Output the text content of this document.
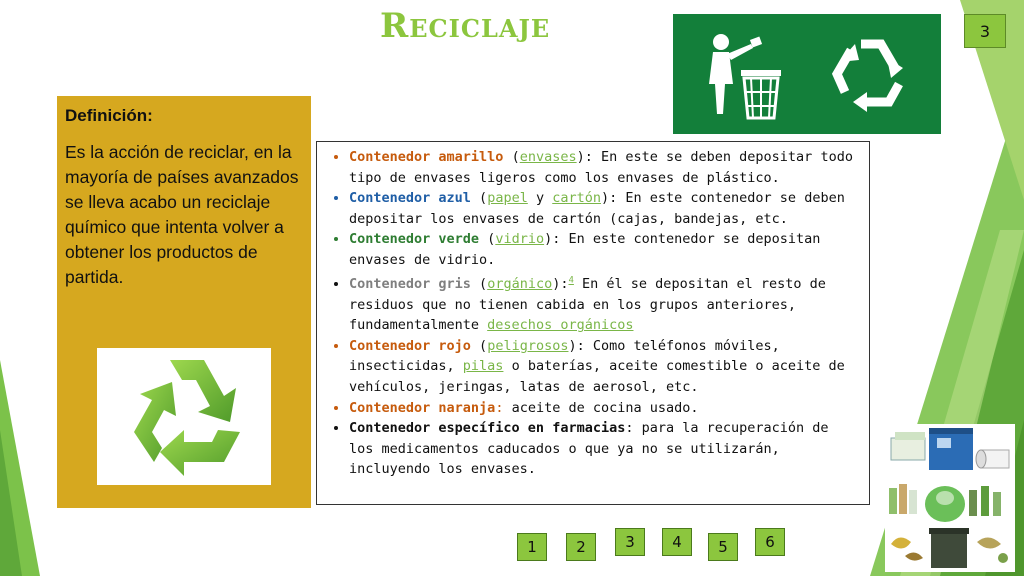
Reciclaje	3
Definición:
Es la acción de reciclar, en la mayoría de países avanzados se lleva acabo un reciclaje químico que intenta volver a obtener los productos de partida.
• Contenedor amarillo (envases): En este se deben depositar todo tipo de envases ligeros como los envases de plástico.
• Contenedor azul (papel y cartón): En este contenedor se deben depositar los envases de cartón (cajas, bandejas, etc.
• Contenedor verde (vidrio): En este contenedor se depositan envases de vidrio.
• Contenedor gris (orgánico):$^4$ En él se depositan el resto de residuos que no tienen cabida en los grupos anteriores, fundamentalmente desechos orgánicos
• Contenedor rojo (peligrosos): Como teléfonos móviles, insecticidas, pilas o baterías, aceite comestible o aceite de vehículos, jeringas, latas de aerosol, etc.
• Contenedor naranja: aceite de cocina usado.
• Contenedor específico en farmacias: para la recuperación de los medicamentos caducados o que ya no se utilizarán, incluyendo los envases.
1	2	3	4	5	6
